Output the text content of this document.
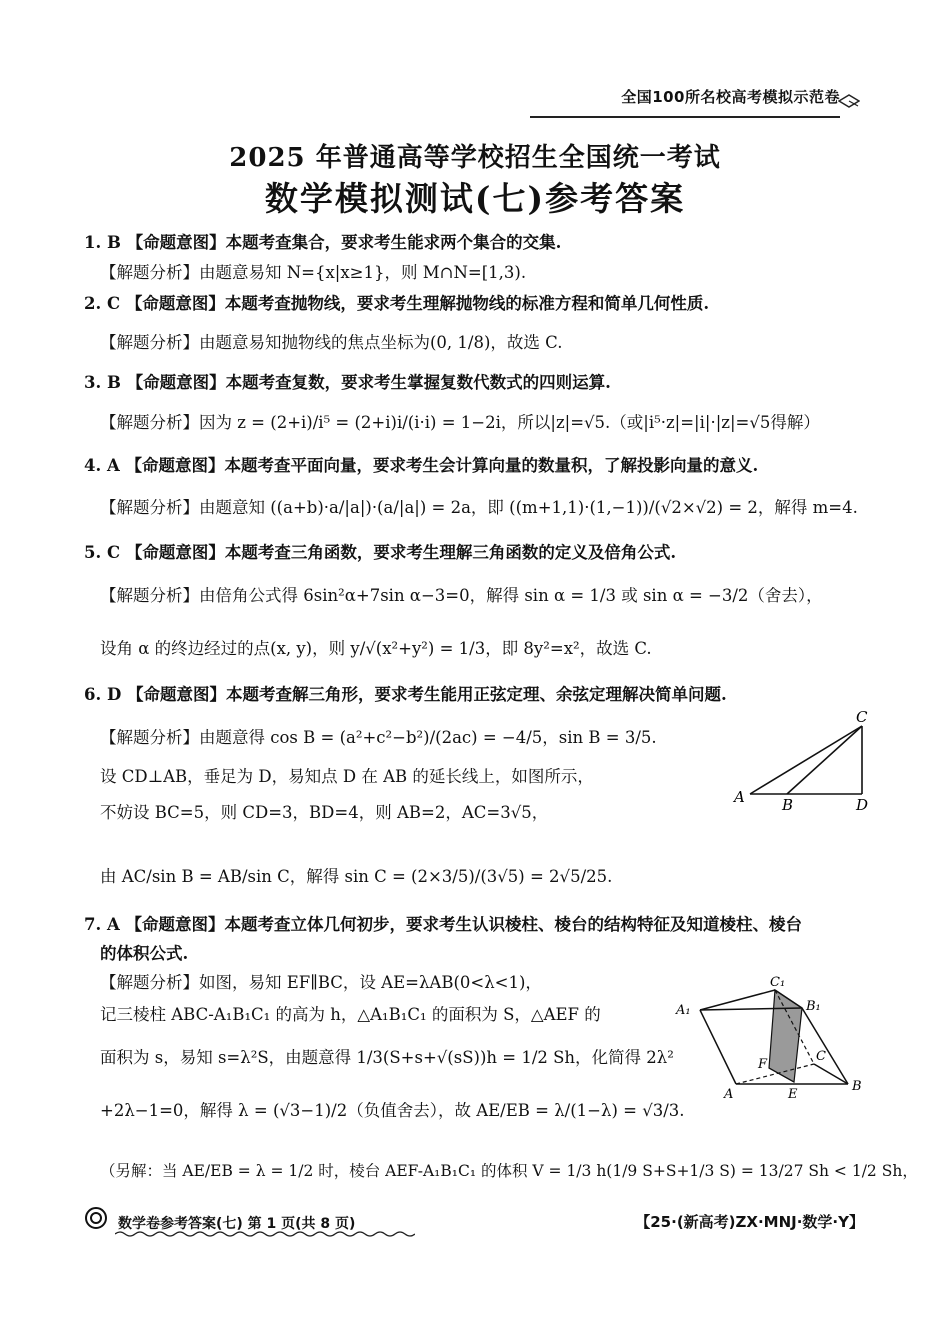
全国100所名校高考模拟示范卷
2025 年普通高等学校招生全国统一考试
数学模拟测试(七)参考答案
1. B 【命题意图】本题考查集合，要求考生能求两个集合的交集.
【解题分析】由题意易知 N={x|x≥1}，则 M∩N=[1,3).
2. C 【命题意图】本题考查抛物线，要求考生理解抛物线的标准方程和简单几何性质.
【解题分析】由题意易知抛物线的焦点坐标为(0, 1/8)，故选 C.
3. B 【命题意图】本题考查复数，要求考生掌握复数代数式的四则运算.
【解题分析】因为 z = (2+i)/i⁵ = (2+i)i/(i·i) = 1−2i，所以|z|=√5.（或|i⁵·z|=|i|·|z|=√5得解）
4. A 【命题意图】本题考查平面向量，要求考生会计算向量的数量积，了解投影向量的意义.
【解题分析】由题意知 ((a+b)·a/|a|)·(a/|a|) = 2a，即 ((m+1,1)·(1,−1))/(√2×√2) = 2，解得 m=4.
5. C 【命题意图】本题考查三角函数，要求考生理解三角函数的定义及倍角公式.
【解题分析】由倍角公式得 6sin²α+7sin α−3=0，解得 sin α = 1/3 或 sin α = −3/2（舍去），
设角 α 的终边经过的点(x, y)，则 y/√(x²+y²) = 1/3，即 8y²=x²，故选 C.
6. D 【命题意图】本题考查解三角形，要求考生能用正弦定理、余弦定理解决简单问题.
【解题分析】由题意得 cos B = (a²+c²−b²)/(2ac) = −4/5，sin B = 3/5.
设 CD⊥AB，垂足为 D，易知点 D 在 AB 的延长线上，如图所示，
不妨设 BC=5，则 CD=3，BD=4，则 AB=2，AC=3√5，
由 AC/sin B = AB/sin C，解得 sin C = (2×3/5)/(3√5) = 2√5/25.
A B
C
D
7. A 【命题意图】本题考查立体几何初步，要求考生认识棱柱、棱台的结构特征及知道棱柱、棱台
的体积公式.
【解题分析】如图，易知 EF∥BC，设 AE=λAB(0<λ<1)，
记三棱柱 ABC-A₁B₁C₁ 的高为 h，△A₁B₁C₁ 的面积为 S，△AEF 的
面积为 s，易知 s=λ²S，由题意得 1/3(S+s+√(sS))h = 1/2 Sh，化简得 2λ²
+2λ−1=0，解得 λ = (√3−1)/2（负值舍去），故 AE/EB = λ/(1−λ) = √3/3.
（另解：当 AE/EB = λ = 1/2 时，棱台 AEF-A₁B₁C₁ 的体积 V = 1/3 h(1/9 S+S+1/3 S) = 13/27 Sh < 1/2 Sh，
C₁
B₁
A₁
F
C
A	E
B
数学卷参考答案(七) 第 1 页(共 8 页)	【25·(新高考)ZX·MNJ·数学·Y】
